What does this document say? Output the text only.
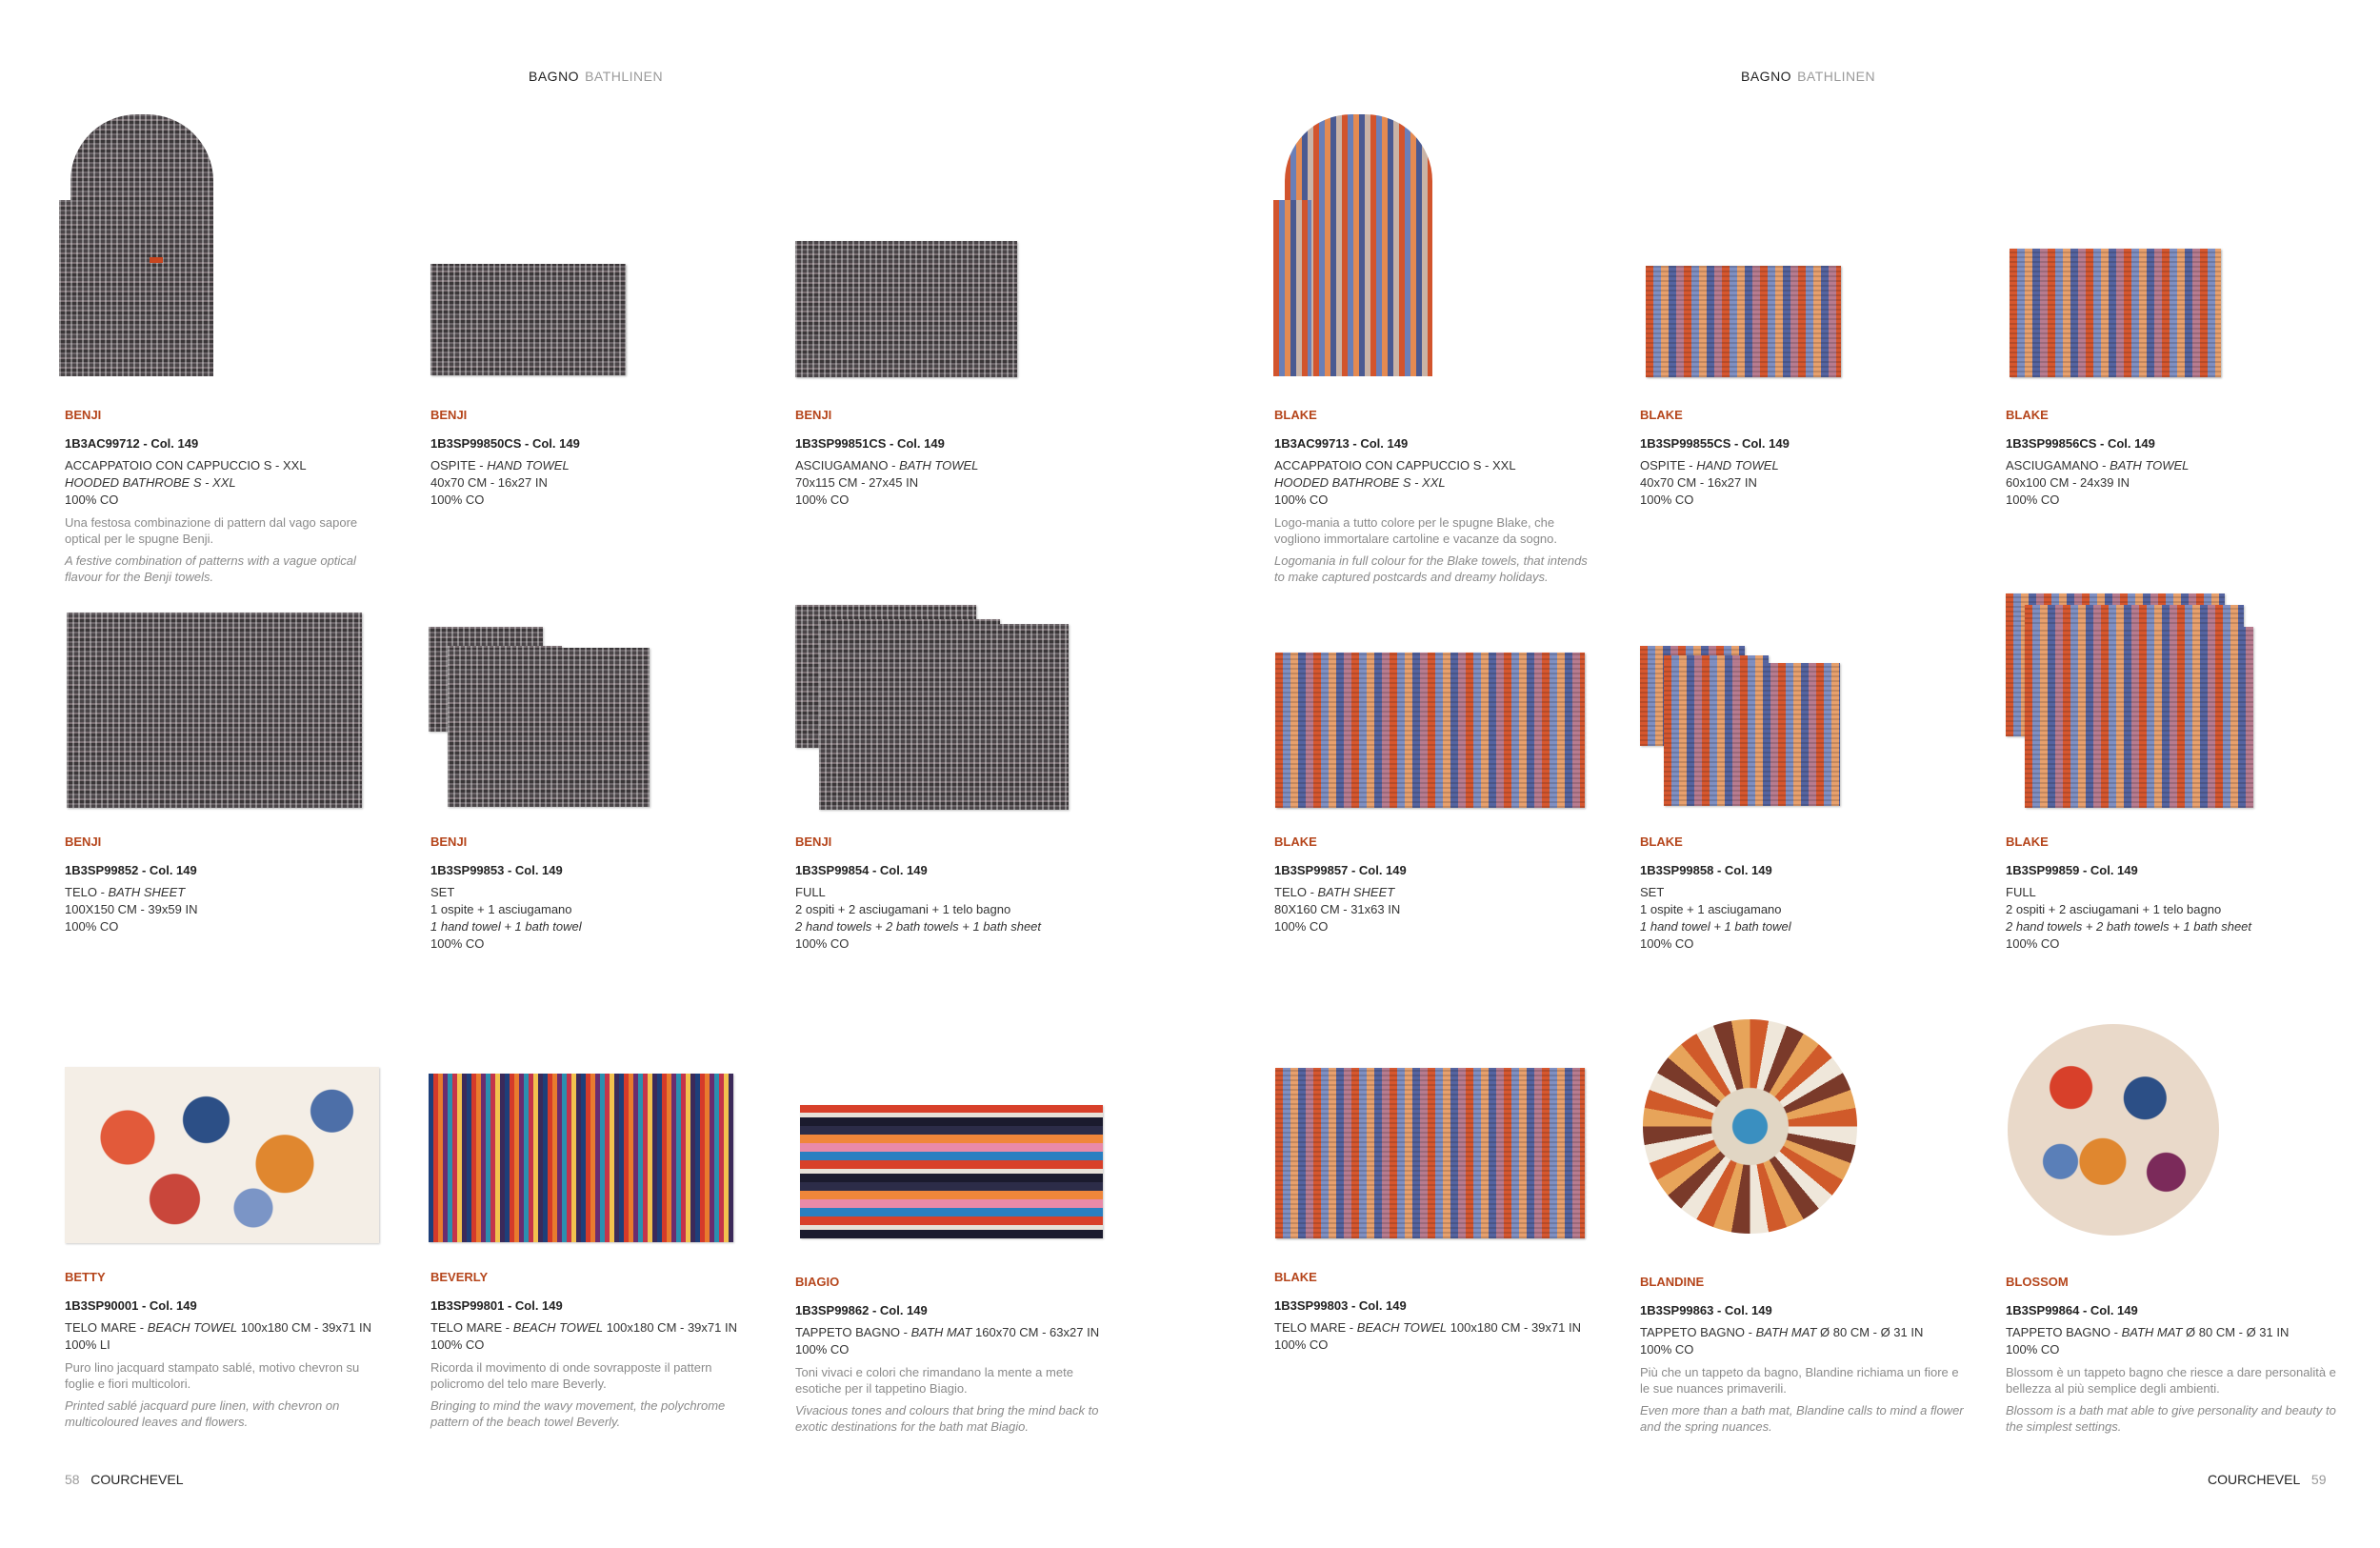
BAGNO BATHLINEN	BAGNO BATHLINEN

BENJI

1B3AC99712 - Col. 149

ACCAPPATOIO CON CAPPUCCIO S - XXL

HOODED BATHROBE S - XXL

100% CO

Una festosa combinazione di pattern dal vago sapore optical per le spugne Benji.

A festive combination of patterns with a vague optical flavour for the Benji towels.

BENJI

1B3SP99850CS - Col. 149

OSPITE - HAND TOWEL

40x70 CM - 16x27 IN

100% CO

BENJI

1B3SP99851CS - Col. 149

ASCIUGAMANO - BATH TOWEL

70x115 CM - 27x45 IN

100% CO

BLAKE

1B3AC99713 - Col. 149

ACCAPPATOIO CON CAPPUCCIO S - XXL

HOODED BATHROBE S - XXL

100% CO

Logo-mania a tutto colore per le spugne Blake, che vogliono immortalare cartoline e vacanze da sogno.

Logomania in full colour for the Blake towels, that intends to make captured postcards and dreamy holidays.

BLAKE

1B3SP99855CS - Col. 149

OSPITE - HAND TOWEL

40x70 CM - 16x27 IN

100% CO

BLAKE

1B3SP99856CS - Col. 149

ASCIUGAMANO - BATH TOWEL

60x100 CM - 24x39 IN

100% CO

BENJI

1B3SP99852 - Col. 149

TELO - BATH SHEET

100X150 CM - 39x59 IN

100% CO

BENJI

1B3SP99853 - Col. 149

SET

1 ospite + 1 asciugamano

1 hand towel + 1 bath towel

100% CO

BENJI

1B3SP99854 - Col. 149

FULL

2 ospiti + 2 asciugamani + 1 telo bagno

2 hand towels + 2 bath towels + 1 bath sheet

100% CO

BLAKE

1B3SP99857 - Col. 149

TELO - BATH SHEET

80X160 CM - 31x63 IN

100% CO

BLAKE

1B3SP99858 - Col. 149

SET

1 ospite + 1 asciugamano

1 hand towel + 1 bath towel

100% CO

BLAKE

1B3SP99859 - Col. 149

FULL

2 ospiti + 2 asciugamani + 1 telo bagno

2 hand towels + 2 bath towels + 1 bath sheet

100% CO

BETTY

1B3SP90001 - Col. 149

TELO MARE - BEACH TOWEL 100x180 CM - 39x71 IN

100% LI

Puro lino jacquard stampato sablé, motivo chevron su foglie e fiori multicolori.

Printed sablé jacquard pure linen, with chevron on multicoloured leaves and flowers.

BEVERLY

1B3SP99801 - Col. 149

TELO MARE - BEACH TOWEL 100x180 CM - 39x71 IN

100% CO

Ricorda il movimento di onde sovrapposte il pattern policromo del telo mare Beverly.

Bringing to mind the wavy movement, the polychrome pattern of the beach towel Beverly.

BIAGIO

1B3SP99862 - Col. 149

TAPPETO BAGNO - BATH MAT 160x70 CM - 63x27 IN

100% CO

Toni vivaci e colori che rimandano la mente a mete esotiche per il tappetino Biagio.

Vivacious tones and colours that bring the mind back to exotic destinations for the bath mat Biagio.

BLAKE

1B3SP99803 - Col. 149

TELO MARE - BEACH TOWEL 100x180 CM - 39x71 IN

100% CO

BLANDINE

1B3SP99863 - Col. 149

TAPPETO BAGNO - BATH MAT Ø 80 CM - Ø 31 IN

100% CO

Più che un tappeto da bagno, Blandine richiama un fiore e le sue nuances primaverili.

Even more than a bath mat, Blandine calls to mind a flower and the spring nuances.

BLOSSOM

1B3SP99864 - Col. 149

TAPPETO BAGNO - BATH MAT Ø 80 CM - Ø 31 IN

100% CO

Blossom è un tappeto bagno che riesce a dare personalità e bellezza al più semplice degli ambienti.

Blossom is a bath mat able to give personality and beauty to the simplest settings.

58 COURCHEVEL	COURCHEVEL 59
